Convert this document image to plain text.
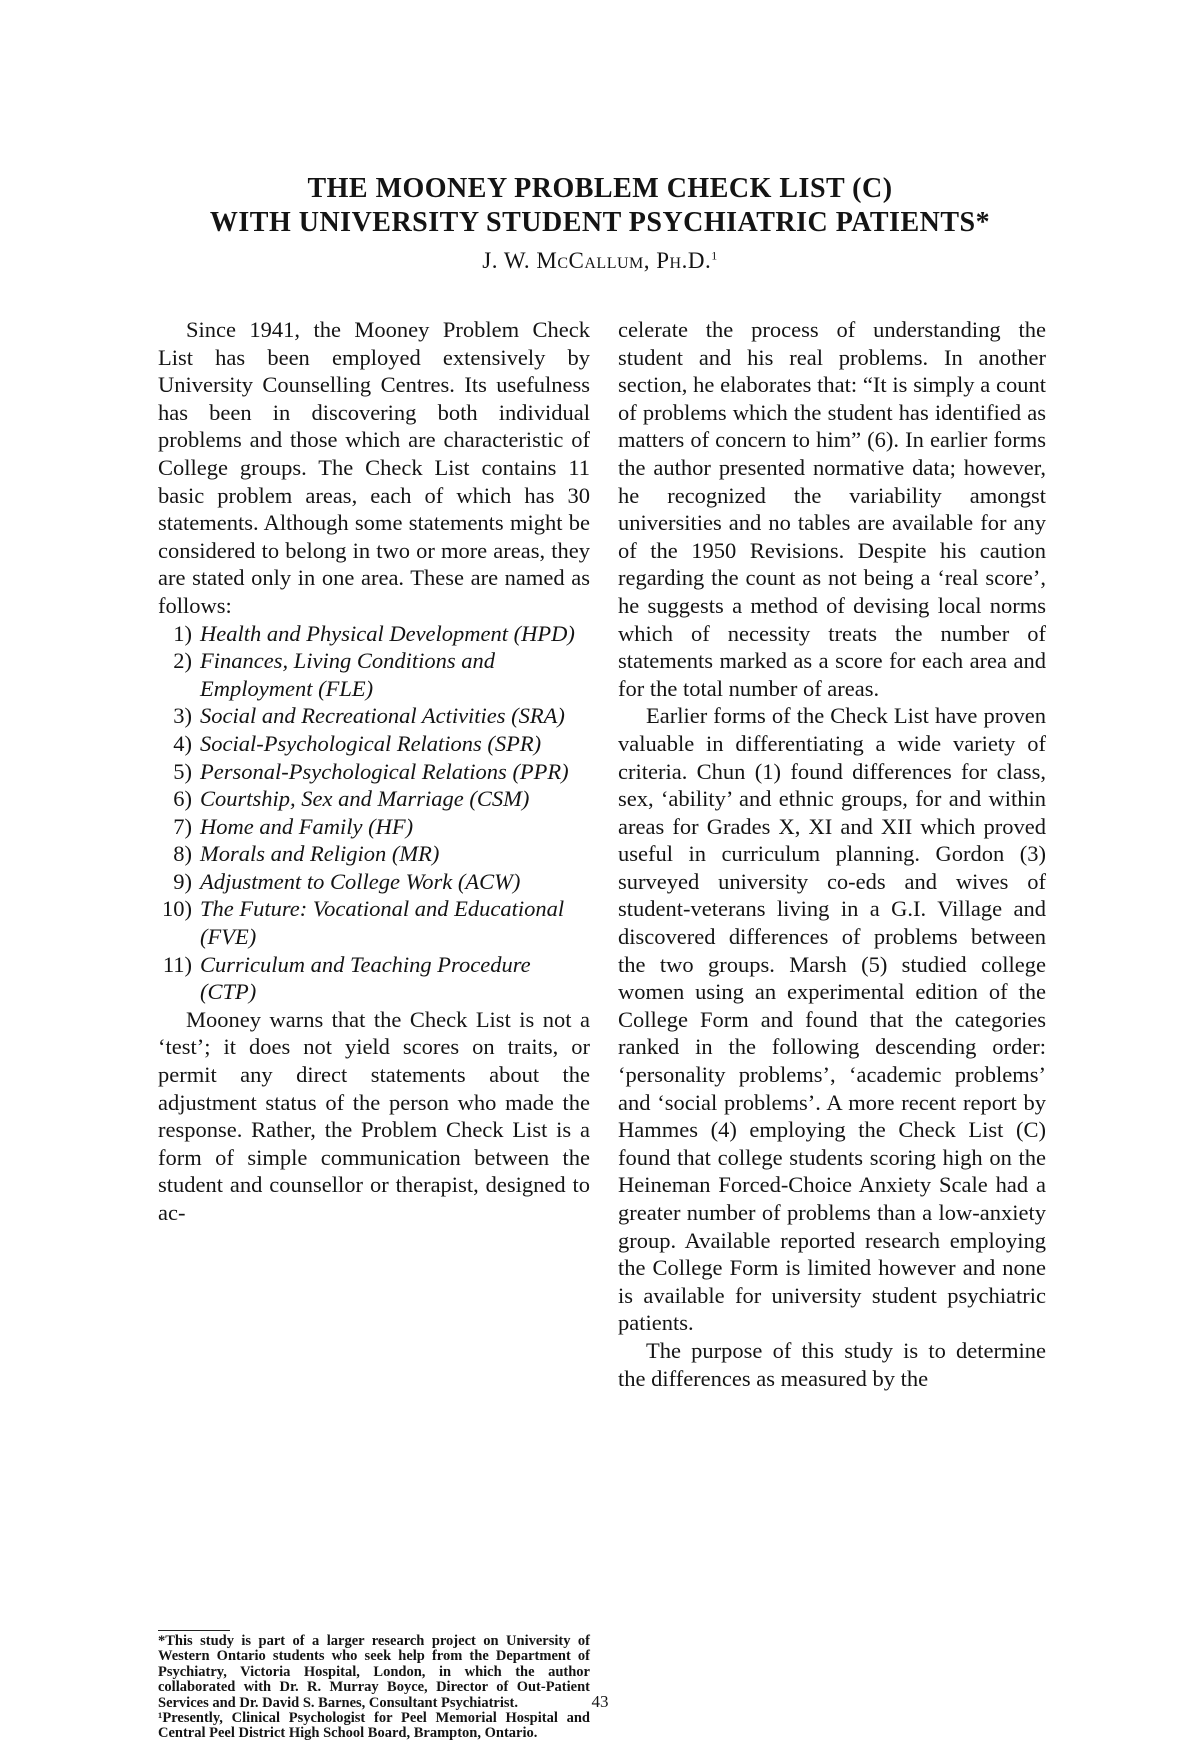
THE MOONEY PROBLEM CHECK LIST (C)
WITH UNIVERSITY STUDENT PSYCHIATRIC PATIENTS*
J. W. McCallum, Ph.D.$^1$

Since 1941, the Mooney Problem Check List has been employed extensively by University Counselling Centres. Its usefulness has been in discovering both individual problems and those which are characteristic of College groups. The Check List contains 11 basic problem areas, each of which has 30 statements. Although some statements might be considered to belong in two or more areas, they are stated only in one area. These are named as follows:

1) Health and Physical Development (HPD)
2) Finances, Living Conditions and Employment (FLE)
3) Social and Recreational Activities (SRA)
4) Social-Psychological Relations (SPR)
5) Personal-Psychological Relations (PPR)
6) Courtship, Sex and Marriage (CSM)
7) Home and Family (HF)
8) Morals and Religion (MR)
9) Adjustment to College Work (ACW)
10) The Future: Vocational and Educational (FVE)
11) Curriculum and Teaching Procedure (CTP)

Mooney warns that the Check List is not a ‘test’; it does not yield scores on traits, or permit any direct statements about the adjustment status of the person who made the response. Rather, the Problem Check List is a form of simple communication between the student and counsellor or therapist, designed to ac-

celerate the process of understanding the student and his real problems. In another section, he elaborates that: “It is simply a count of problems which the student has identified as matters of concern to him” (6). In earlier forms the author presented normative data; however, he recognized the variability amongst universities and no tables are available for any of the 1950 Revisions. Despite his caution regarding the count as not being a ‘real score’, he suggests a method of devising local norms which of necessity treats the number of statements marked as a score for each area and for the total number of areas.

Earlier forms of the Check List have proven valuable in differentiating a wide variety of criteria. Chun (1) found differences for class, sex, ‘ability’ and ethnic groups, for and within areas for Grades X, XI and XII which proved useful in curriculum planning. Gordon (3) surveyed university co-eds and wives of student-veterans living in a G.I. Village and discovered differences of problems between the two groups. Marsh (5) studied college women using an experimental edition of the College Form and found that the categories ranked in the following descending order: ‘personality problems’, ‘academic problems’ and ‘social problems’. A more recent report by Hammes (4) employing the Check List (C) found that college students scoring high on the Heineman Forced-Choice Anxiety Scale had a greater number of problems than a low-anxiety group. Available reported research employing the College Form is limited however and none is available for university student psychiatric patients.

The purpose of this study is to determine the differences as measured by the

*This study is part of a larger research project on University of Western Ontario students who seek help from the Department of Psychiatry, Victoria Hospital, London, in which the author collaborated with Dr. R. Murray Boyce, Director of Out-Patient Services and Dr. David S. Barnes, Consultant Psychiatrist.
¹Presently, Clinical Psychologist for Peel Memorial Hospital and Central Peel District High School Board, Brampton, Ontario.
43
